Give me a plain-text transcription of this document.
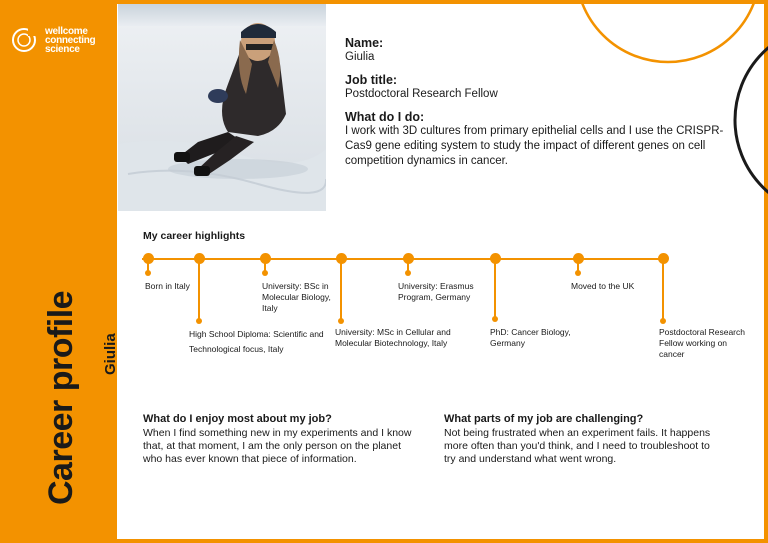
wellcome connecting science
Career profile Giulia
Name:
Giulia
Job title:
Postdoctoral Research Fellow
What do I do:
I work with 3D cultures from primary epithelial cells and I use the CRISPR-Cas9 gene editing system to study the impact of different genes on cell competition dynamics in cancer.
My career highlights
Born in Italy
High School Diploma: Scientific and Technological focus, Italy
University: BSc in Molecular Biology, Italy
University: MSc in Cellular and Molecular Biotechnology, Italy
University: Erasmus Program, Germany
PhD: Cancer Biology, Germany
Moved to the UK
Postdoctoral Research Fellow working on cancer
What do I enjoy most about my job?
When I find something new in my experiments and I know that, at that moment, I am the only person on the planet who has ever known that piece of information.
What parts of my job are challenging?
Not being frustrated when an experiment fails. It happens more often than you'd think, and I need to troubleshoot to try and understand what went wrong.
